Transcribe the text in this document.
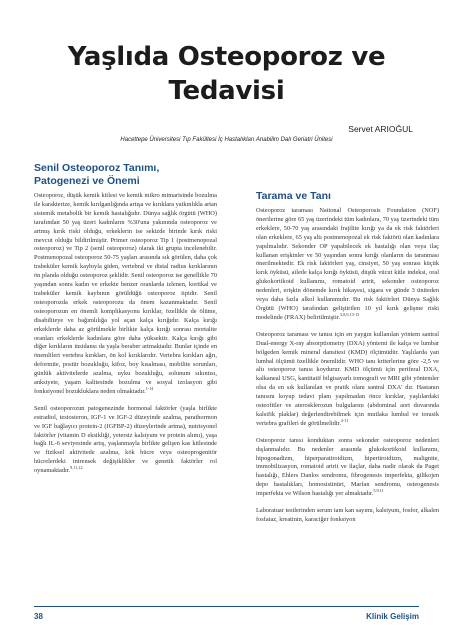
Yaşlıda Osteoporoz ve
Tedavisi
Servet ARIOĞUL
Hacettepe Üniversitesi Tıp Fakültesi İç Hastalıkları Anabilim Dalı Geriatri Ünitesi
Senil Osteoporoz Tanımı,
Patogenezi ve Önemi

Osteoporoz, düşük kemik kitlesi ve kemik mikro mimarisinde bozulma ile karakterize, kemik kırılganlığında artışa ve kırıklara yatkınlıkla artan sistemik metabolik bir kemik hastalığıdır. Dünya sağlık örgütü (WHO) tarafından 50 yaş üzeri kadınların %30'una yakınında osteoporoz ve artmış kırık riski olduğu, erkeklerin ise sekizde birinde kırık riski mevcut olduğu bildirilmiştir. Primer osteoporoz Tip 1 (postmenopozal osteoporoz) ve Tip 2 (senil osteoporoz) olarak iki gruptа incelenebilir. Postmenopozal osteoporoz 50-75 yaşları arasında sık görülen, daha çok trabeküler kemik kaybıyla giden, vertebral ve distal radius kırıklarının ön planda olduğu osteoporoz şeklidir. Senil osteoporoz ise genellikle 70 yaşından sonra kadın ve erkekte benzer oranlarda izlenen, kortikal ve trabeküler kemik kaybının görüldüğü osteoporoz tipidir. Senil osteoporozda erkek osteoporozu da önem kazanmaktadır. Senil osteoporozun en önemli komplikasyonu kırıklar, özellikle de ölüme, disabiliteye ve bağımlılığa yol açan kalça kırığıdır. Kalça kırığı erkeklerde daha az görülmekle birlikte kalça kırığı sonrası mortalite oranları erkeklerde kadınlara göre daha yüksektir. Kalça kırığı gibi diğer kırıkların insidansı da yaşla beraber artmaktadır. Bunlar içinde en önemlileri vertebra kırıkları, ön kol kırıklarıdır. Vertebra kırıkları ağrı, deformite, postür bozukluğu, kifoz, boy kısalması, mobilite sorunları, günlük aktivitelerde azalma, uyku bozukluğu, solunum sıkıntısı, anksiyete, yaşam kalitesinde bozulma ve sosyal izolasyon gibi fonksiyonel bozukluklara neden olmaktadır.$^{1-14}$

Senil osteoporozun patogenezinde hormonal faktörler (yaşla birlikte estradiol, testosteron, IGF-1 ve IGF-2 düzeyinde azalma, parathormon ve IGF bağlayıcı protein-2 (IGFBP-2) düzeylerinde artma), nutrisyonel faktörler (vitamin D eksikliği, yetersiz kalsiyum ve protein alımı), yaşa bağlı IL-6 seviyesinde artış, yaşlanmayla birlikte gelişen kas kitlesinde ve fiziksel aktivitede azalma, kök hücre veya osteoprogenitör hücrelerdeki intrensek değişiklikler ve genetik faktörler rol oynamaktadır.$^{9,11,12}$

Tarama ve Tanı

Osteoporoz taraması National Osteoporosis Foundation (NOF) önerilerine göre 65 yaş üzerindeki tüm kadınlara, 70 yaş üzerindeki tüm erkeklere, 50-70 yaş arasındaki frajilite kırığı ya da ek risk faktörleri olan erkeklere, 65 yaş altı postmenopozal ek risk faktörü olan kadınlara yapılmalıdır. Sekonder OP yapabilecek ek hastalığı olan veya ilaç kullanan erişkinler ve 50 yaşından sonra kırığı olanların da taranması önerilmektedir. Ek risk faktörleri yaş, cinsiyet, 50 yaş sonrası küçük kırık öyküsü, ailede kalça kırığı öyküsü, düşük vücut kitle indeksi, oral glukokortikoid kullanımı, romatoid artrit, sekonder osteoporoz nedenleri, erişkin dönemde kırık hikayesi, sigara ve günde 3 üniteden veya daha fazla alkol kullanımıdır. Bu risk faktörleri Dünya Sağlık Örgütü (WHO) tarafından geliştirilen 10 yıl kırık gelişme riski modelinde (FRAX) belirtilmiştir.$^{5,8,9,13-15}$

Osteoporoz taraması ve tanısı için en yaygın kullanılan yöntem santral Dual-energy X-ray absorptiometry (DXA) yöntemi ile kalça ve lumbar bölgeden kemik mineral dansitesi (KMD) ölçümüdür. Yaşlılarda yan lumbal ölçümü özellikle önemlidir. WHO tanı kriterlerine göre -2,5 ve altı osteoporoz tanısı koydurur. KMD ölçümü için periferal DXA, kalkaneal USG, kantitatif bilgisayarlı tomografi ve MRI gibi yöntemler olsa da en sık kullanılan ve pratik olanı santral DXA' dır. Hastanın tanısını koyup tedavi planı yapılmadan önce kırıklar, yaşlılardaki osteofitler ve aterosklerozun bulgularını (abdominal aort duvarında kalsifik plaklar) değerlendirebilmek için mutlaka lumbal ve torasik vertebra grafileri de görülmelidir.$^{4-11}$

Osteoporoz tanısı konduktan sonra sekonder osteoporoz nedenleri dışlanmalıdır. Bu nedenler arasında glukokortikoid kullanımı, hipogonadizm, hiperparatiroidizm, hipertiroidizm, malignite, immobilizasyon, romatoid artrit ve ilaçlar, daha nadir olarak da Paget hastalığı, Ehlers Danlos sendromu, fibrogenesis imperfekta, gilikojen depo hastalıkları, homosistinüri, Marfan sendromu, osteogenesis imperfekta ve Wilson hastalığı yer almaktadır.$^{5,9,11}$

Laboratuar testlerinden serum tam kan sayımı, kalsiyum, fosfor, alkalen fosfataz, kreatinin, karaciğer fonksiyon

38	Klinik Gelişim
